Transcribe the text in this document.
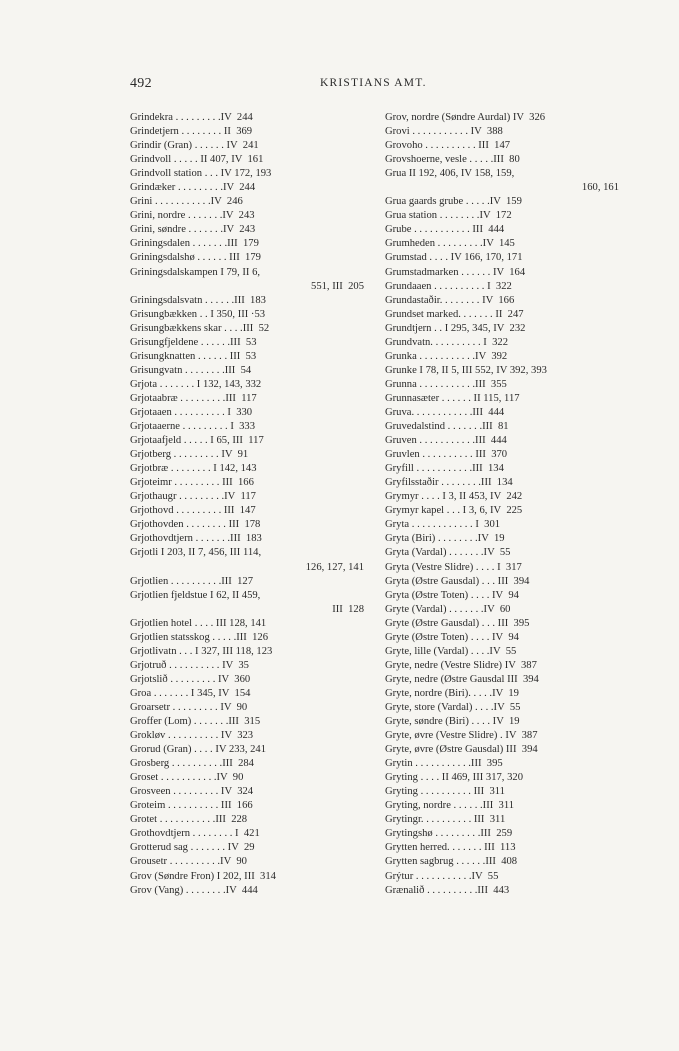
492	KRISTIANS AMT.
Grindekra . . . . . . . . .IV  244
Grindetjern . . . . . . . . II  369
Grindir (Gran) . . . . . . IV  241
Grindvoll . . . . . II 407, IV  161
Grindvoll station . . . IV 172, 193
Grindæker . . . . . . . . .IV  244
Grini . . . . . . . . . . .IV  246
Grini, nordre . . . . . . .IV  243
Grini, søndre . . . . . . .IV  243
Griningsdalen . . . . . . .III  179
Griningsdalshø . . . . . . III  179
Griningsdalskampen I 79, II 6,
551, III  205
Griningsdalsvatn . . . . . .III  183
Grisungbækken . . I 350, III ·53
Grisungbækkens skar . . . .III  52
Grisungfjeldene . . . . . .III  53
Grisungknatten . . . . . . III  53
Grisungvatn . . . . . . . .III  54
Grjota . . . . . . . I 132, 143, 332
Grjotaabræ . . . . . . . . .III  117
Grjotaaen . . . . . . . . . . I  330
Grjotaaerne . . . . . . . . . I  333
Grjotaafjeld . . . . . I 65, III  117
Grjotberg . . . . . . . . . IV  91
Grjotbræ . . . . . . . . I 142, 143
Grjoteimr . . . . . . . . . III  166
Grjothaugr . . . . . . . . .IV  117
Grjothovd . . . . . . . . . III  147
Grjothovden . . . . . . . . III  178
Grjothovdtjern . . . . . . .III  183
Grjotli I 203, II 7, 456, III 114,
126, 127, 141
Grjotlien . . . . . . . . . .III  127
Grjotlien fjeldstue I 62, II 459,
III  128
Grjotlien hotel . . . . III 128, 141
Grjotlien statsskog . . . . .III  126
Grjotlivatn . . . I 327, III 118, 123
Grjotruð . . . . . . . . . . IV  35
Grjotslið . . . . . . . . . IV  360
Groa . . . . . . . I 345, IV  154
Groarsetr . . . . . . . . . IV  90
Groffer (Lom) . . . . . . .III  315
Grokløv . . . . . . . . . . IV  323
Grorud (Gran) . . . . IV 233, 241
Grosberg . . . . . . . . . .III  284
Groset . . . . . . . . . . .IV  90
Grosveen . . . . . . . . . IV  324
Groteim . . . . . . . . . . III  166
Grotet . . . . . . . . . . .III  228
Grothovdtjern . . . . . . . . I  421
Grotterud sag . . . . . . . IV  29
Grousetr . . . . . . . . . .IV  90
Grov (Søndre Fron) I 202, III  314
Grov (Vang) . . . . . . . .IV  444
Grov, nordre (Søndre Aurdal) IV  326
Grovi . . . . . . . . . . . IV  388
Grovoho . . . . . . . . . . III  147
Grovshoerne, vesle . . . . .III  80
Grua II 192, 406, IV 158, 159,
160, 161
Grua gaards grube . . . . .IV  159
Grua station . . . . . . . .IV  172
Grube . . . . . . . . . . . III  444
Grumheden . . . . . . . . .IV  145
Grumstad . . . . IV 166, 170, 171
Grumstadmarken . . . . . . IV  164
Grundaaen . . . . . . . . . . I  322
Grundastaðir. . . . . . . . IV  166
Grundset marked. . . . . . . II  247
Grundtjern . . I 295, 345, IV  232
Grundvatn. . . . . . . . . . I  322
Grunka . . . . . . . . . . .IV  392
Grunke I 78, II 5, III 552, IV 392, 393
Grunna . . . . . . . . . . .III  355
Grunnasæter . . . . . . II 115, 117
Gruva. . . . . . . . . . . .III  444
Gruvedalstind . . . . . . .III  81
Gruven . . . . . . . . . . .III  444
Gruvlen . . . . . . . . . . III  370
Gryfill . . . . . . . . . . .III  134
Gryfilsstaðir . . . . . . . .III  134
Grymyr . . . . I 3, II 453, IV  242
Grymyr kapel . . . I 3, 6, IV  225
Gryta . . . . . . . . . . . . I  301
Gryta (Biri) . . . . . . . .IV  19
Gryta (Vardal) . . . . . . .IV  55
Gryta (Vestre Slidre) . . . . I  317
Gryta (Østre Gausdal) . . . III  394
Gryta (Østre Toten) . . . . IV  94
Gryte (Vardal) . . . . . . .IV  60
Gryte (Østre Gausdal) . . . III  395
Gryte (Østre Toten) . . . . IV  94
Gryte, lille (Vardal) . . . .IV  55
Gryte, nedre (Vestre Slidre) IV  387
Gryte, nedre (Østre Gausdal III  394
Gryte, nordre (Biri). . . . .IV  19
Gryte, store (Vardal) . . . .IV  55
Gryte, søndre (Biri) . . . . IV  19
Gryte, øvre (Vestre Slidre) . IV  387
Gryte, øvre (Østre Gausdal) III  394
Grytin . . . . . . . . . . .III  395
Gryting . . . . II 469, III 317, 320
Gryting . . . . . . . . . . III  311
Gryting, nordre . . . . . .III  311
Grytingr. . . . . . . . . . III  311
Grytingshø . . . . . . . . .III  259
Grytten herred. . . . . . . III  113
Grytten sagbrug . . . . . .III  408
Grýtur . . . . . . . . . . .IV  55
Grænalið . . . . . . . . . .III  443
